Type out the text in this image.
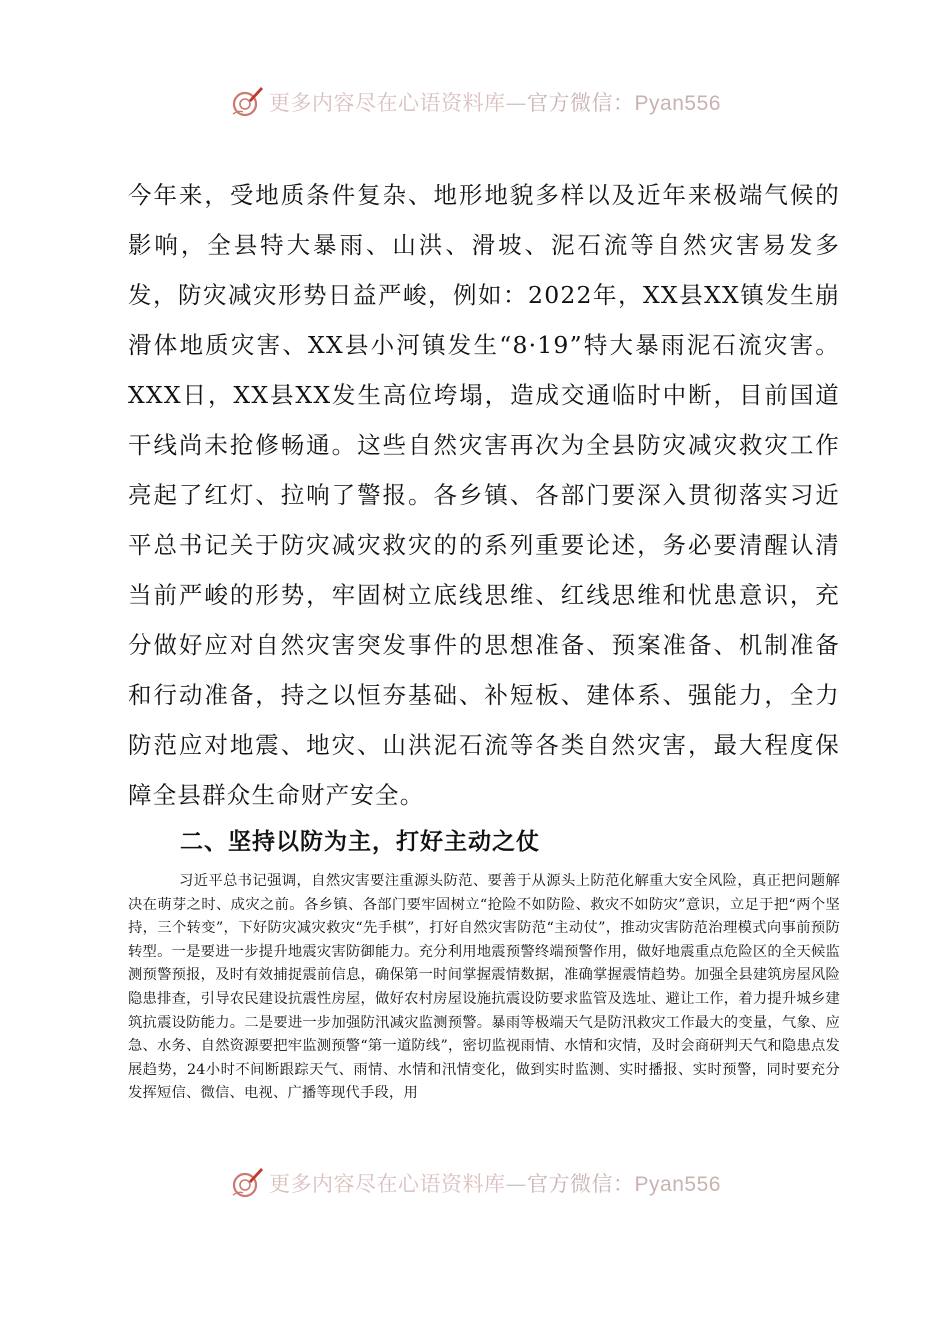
更多内容尽在心语资料库—官方微信：Pyan556

今年来，受地质条件复杂、地形地貌多样以及近年来极端气候的影响，全县特大暴雨、山洪、滑坡、泥石流等自然灾害易发多发，防灾减灾形势日益严峻，例如：2022年，XX县XX镇发生崩滑体地质灾害、XX县小河镇发生“8·19”特大暴雨泥石流灾害。XXX日，XX县XX发生高位垮塌，造成交通临时中断，目前国道干线尚未抢修畅通。这些自然灾害再次为全县防灾减灾救灾工作亮起了红灯、拉响了警报。各乡镇、各部门要深入贯彻落实习近平总书记关于防灾减灾救灾的的系列重要论述，务必要清醒认清当前严峻的形势，牢固树立底线思维、红线思维和忧患意识，充分做好应对自然灾害突发事件的思想准备、预案准备、机制准备和行动准备，持之以恒夯基础、补短板、建体系、强能力，全力防范应对地震、地灾、山洪泥石流等各类自然灾害，最大程度保障全县群众生命财产安全。

二、坚持以防为主，打好主动之仗

习近平总书记强调，自然灾害要注重源头防范、要善于从源头上防范化解重大安全风险，真正把问题解决在萌芽之时、成灾之前。各乡镇、各部门要牢固树立“抢险不如防险、救灾不如防灾”意识，立足于把“两个坚持，三个转变”，下好防灾减灾救灾“先手棋”，打好自然灾害防范“主动仗”，推动灾害防范治理模式向事前预防转型。一是要进一步提升地震灾害防御能力。充分利用地震预警终端预警作用，做好地震重点危险区的全天候监测预警预报，及时有效捕捉震前信息，确保第一时间掌握震情数据，准确掌握震情趋势。加强全县建筑房屋风险隐患排查，引导农民建设抗震性房屋，做好农村房屋设施抗震设防要求监管及选址、避让工作，着力提升城乡建筑抗震设防能力。二是要进一步加强防汛减灾监测预警。暴雨等极端天气是防汛救灾工作最大的变量，气象、应急、水务、自然资源要把牢监测预警“第一道防线”，密切监视雨情、水情和灾情，及时会商研判天气和隐患点发展趋势，24小时不间断跟踪天气、雨情、水情和汛情变化，做到实时监测、实时播报、实时预警，同时要充分发挥短信、微信、电视、广播等现代手段，用

更多内容尽在心语资料库—官方微信：Pyan556
